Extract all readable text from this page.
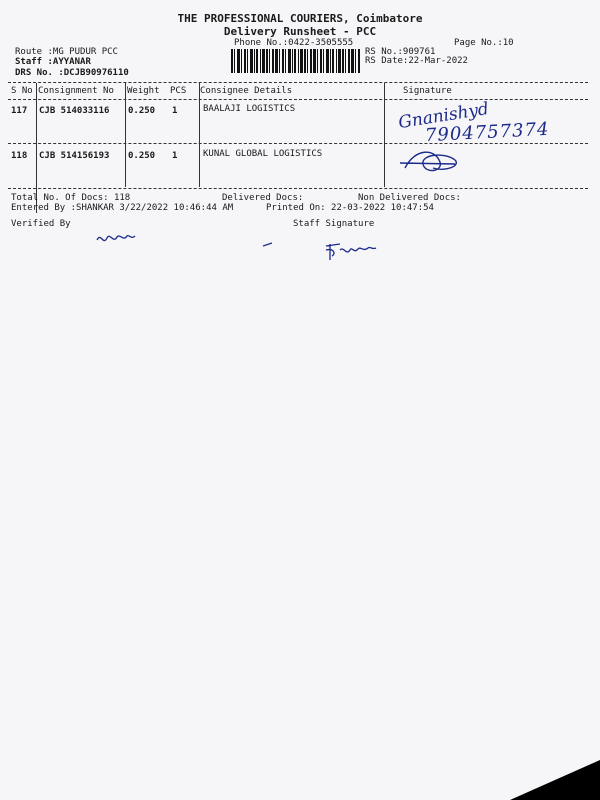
THE PROFESSIONAL COURIERS, Coimbatore
Delivery Runsheet - PCC
Phone No.:0422-3505555	Page No.:10
Route :MG PUDUR PCC
Staff :AYYANAR
DRS No. :DCJB90976110
RS No.:909761
RS Date:22-Mar-2022
S No Consignment No Weight PCS Consignee Details	Signature
117 CJB 514033116 0.250 1	BAALAJI LOGISTICS
118 CJB 514156193 0.250 1	KUNAL GLOBAL LOGISTICS
Gnanishyd
7904757374
Total No. Of Docs: 118	Delivered Docs:	Non Delivered Docs:
Entered By :SHANKAR 3/22/2022 10:46:44 AM	Printed On: 22-03-2022 10:47:54
Verified By	Staff Signature
